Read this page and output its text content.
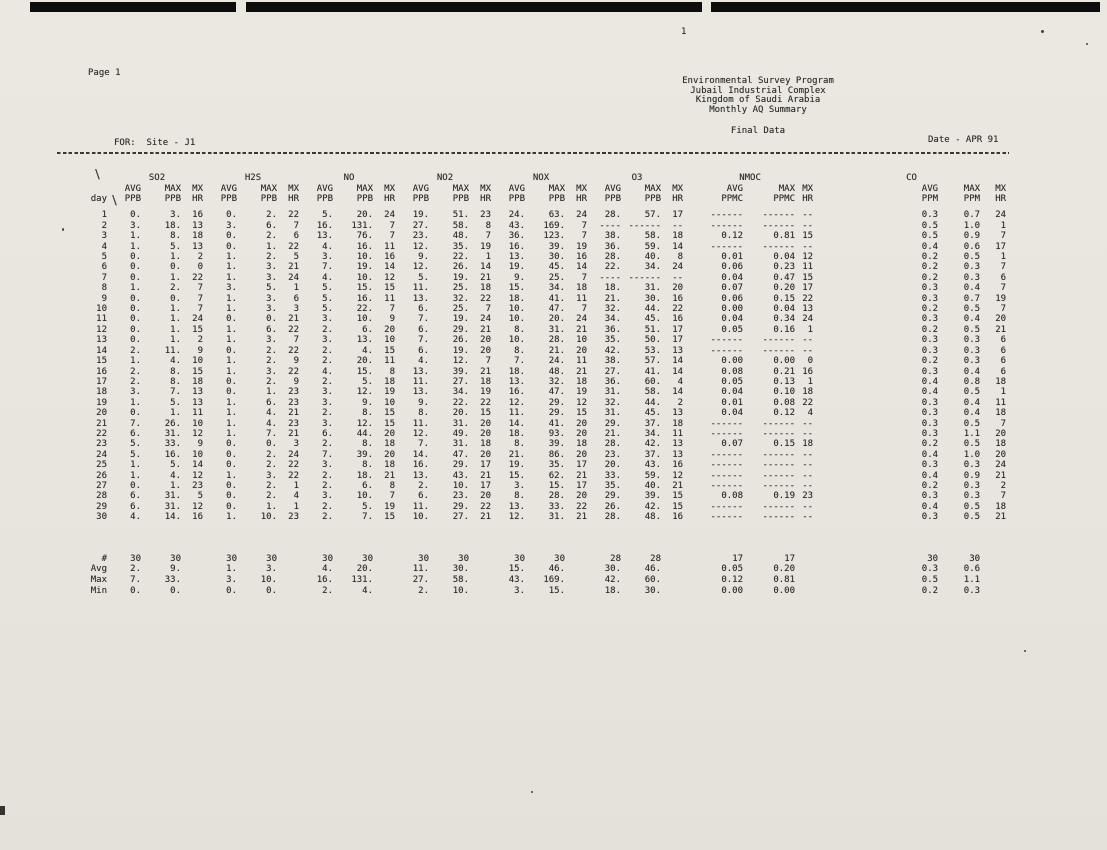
1
Page 1
Environmental Survey Program
Jubail Industrial Complex
Kingdom of Saudi Arabia
Monthly AQ Summary
Final Data
FOR:  Site - J1	Date - APR 91
\
\
	SO2			H2S			NO			NO2			NOX			O3			NMOC			CO		
	AVG	MAX	MX	AVG	MAX	MX	AVG	MAX	MX	AVG	MAX	MX	AVG	MAX	MX	AVG	MAX	MX	AVG	MAX	MX	AVG	MAX	MX
day	PPB	PPB	HR	PPB	PPB	HR	PPB	PPB	HR	PPB	PPB	HR	PPB	PPB	HR	PPB	PPB	HR	PPMC	PPMC	HR	PPM	PPM	HR

1	0.	3.	16	0.	2.	22	5.	20.	24	19.	51.	23	24.	63.	24	28.	57.	17	------	------	--	0.3	0.7	24
2	3.	18.	13	3.	6.	7	16.	131.	7	27.	58.	8	43.	169.	7	----	------	--	------	------	--	0.5	1.0	1
3	1.	8.	18	0.	2.	6	13.	76.	7	23.	48.	7	36.	123.	7	38.	58.	18	0.12	0.81	15	0.5	0.9	7
4	1.	5.	13	0.	1.	22	4.	16.	11	12.	35.	19	16.	39.	19	36.	59.	14	------	------	--	0.4	0.6	17
5	0.	1.	2	1.	2.	5	3.	10.	16	9.	22.	1	13.	30.	16	28.	40.	8	0.01	0.04	12	0.2	0.5	1
6	0.	0.	0	1.	3.	21	7.	19.	14	12.	26.	14	19.	45.	14	22.	34.	24	0.06	0.23	11	0.2	0.3	7
7	0.	1.	22	1.	3.	24	4.	10.	12	5.	19.	21	9.	25.	7	----	------	--	0.04	0.47	15	0.2	0.3	6
8	1.	2.	7	3.	5.	1	5.	15.	15	11.	25.	18	15.	34.	18	18.	31.	20	0.07	0.20	17	0.3	0.4	7
9	0.	0.	7	1.	3.	6	5.	16.	11	13.	32.	22	18.	41.	11	21.	30.	16	0.06	0.15	22	0.3	0.7	19
10	0.	1.	7	1.	3.	3	5.	22.	7	6.	25.	7	10.	47.	7	32.	44.	22	0.00	0.04	13	0.2	0.5	7
11	0.	1.	24	0.	0.	21	3.	10.	9	7.	19.	24	10.	20.	24	34.	45.	16	0.04	0.34	24	0.3	0.4	20
12	0.	1.	15	1.	6.	22	2.	6.	20	6.	29.	21	8.	31.	21	36.	51.	17	0.05	0.16	1	0.2	0.5	21
13	0.	1.	2	1.	3.	7	3.	13.	10	7.	26.	20	10.	28.	10	35.	50.	17	------	------	--	0.3	0.3	6
14	2.	11.	9	0.	2.	22	2.	4.	15	6.	19.	20	8.	21.	20	42.	53.	13	------	------	--	0.3	0.3	6
15	1.	4.	10	1.	2.	9	2.	20.	11	4.	12.	7	7.	24.	11	38.	57.	14	0.00	0.00	0	0.2	0.3	6
16	2.	8.	15	1.	3.	22	4.	15.	8	13.	39.	21	18.	48.	21	27.	41.	14	0.08	0.21	16	0.3	0.4	6
17	2.	8.	18	0.	2.	9	2.	5.	18	11.	27.	18	13.	32.	18	36.	60.	4	0.05	0.13	1	0.4	0.8	18
18	3.	7.	13	0.	1.	23	3.	12.	19	13.	34.	19	16.	47.	19	31.	58.	14	0.04	0.10	18	0.4	0.5	1
19	1.	5.	13	1.	6.	23	3.	9.	10	9.	22.	22	12.	29.	12	32.	44.	2	0.01	0.08	22	0.3	0.4	11
20	0.	1.	11	1.	4.	21	2.	8.	15	8.	20.	15	11.	29.	15	31.	45.	13	0.04	0.12	4	0.3	0.4	18
21	7.	26.	10	1.	4.	23	3.	12.	15	11.	31.	20	14.	41.	20	29.	37.	18	------	------	--	0.3	0.5	7
22	6.	31.	12	1.	7.	21	6.	44.	20	12.	49.	20	18.	93.	20	21.	34.	11	------	------	--	0.3	1.1	20
23	5.	33.	9	0.	0.	3	2.	8.	18	7.	31.	18	8.	39.	18	28.	42.	13	0.07	0.15	18	0.2	0.5	18
24	5.	16.	10	0.	2.	24	7.	39.	20	14.	47.	20	21.	86.	20	23.	37.	13	------	------	--	0.4	1.0	20
25	1.	5.	14	0.	2.	22	3.	8.	18	16.	29.	17	19.	35.	17	20.	43.	16	------	------	--	0.3	0.3	24
26	1.	4.	12	1.	3.	22	2.	18.	21	13.	43.	21	15.	62.	21	33.	59.	12	------	------	--	0.4	0.9	21
27	0.	1.	23	0.	2.	1	2.	6.	8	2.	10.	17	3.	15.	17	35.	40.	21	------	------	--	0.2	0.3	2
28	6.	31.	5	0.	2.	4	3.	10.	7	6.	23.	20	8.	28.	20	29.	39.	15	0.08	0.19	23	0.3	0.3	7
29	6.	31.	12	0.	1.	1	2.	5.	19	11.	29.	22	13.	33.	22	26.	42.	15	------	------	--	0.4	0.5	18
30	4.	14.	16	1.	10.	23	2.	7.	15	10.	27.	21	12.	31.	21	28.	48.	16	------	------	--	0.3	0.5	21

#	30	30		30	30		30	30		30	30		30	30		28	28		17	17		30	30	
Avg	2.	9.		1.	3.		4.	20.		11.	30.		15.	46.		30.	46.		0.05	0.20		0.3	0.6	
Max	7.	33.		3.	10.		16.	131.		27.	58.		43.	169.		42.	60.		0.12	0.81		0.5	1.1	
Min	0.	0.		0.	0.		2.	4.		2.	10.		3.	15.		18.	30.		0.00	0.00		0.2	0.3	
